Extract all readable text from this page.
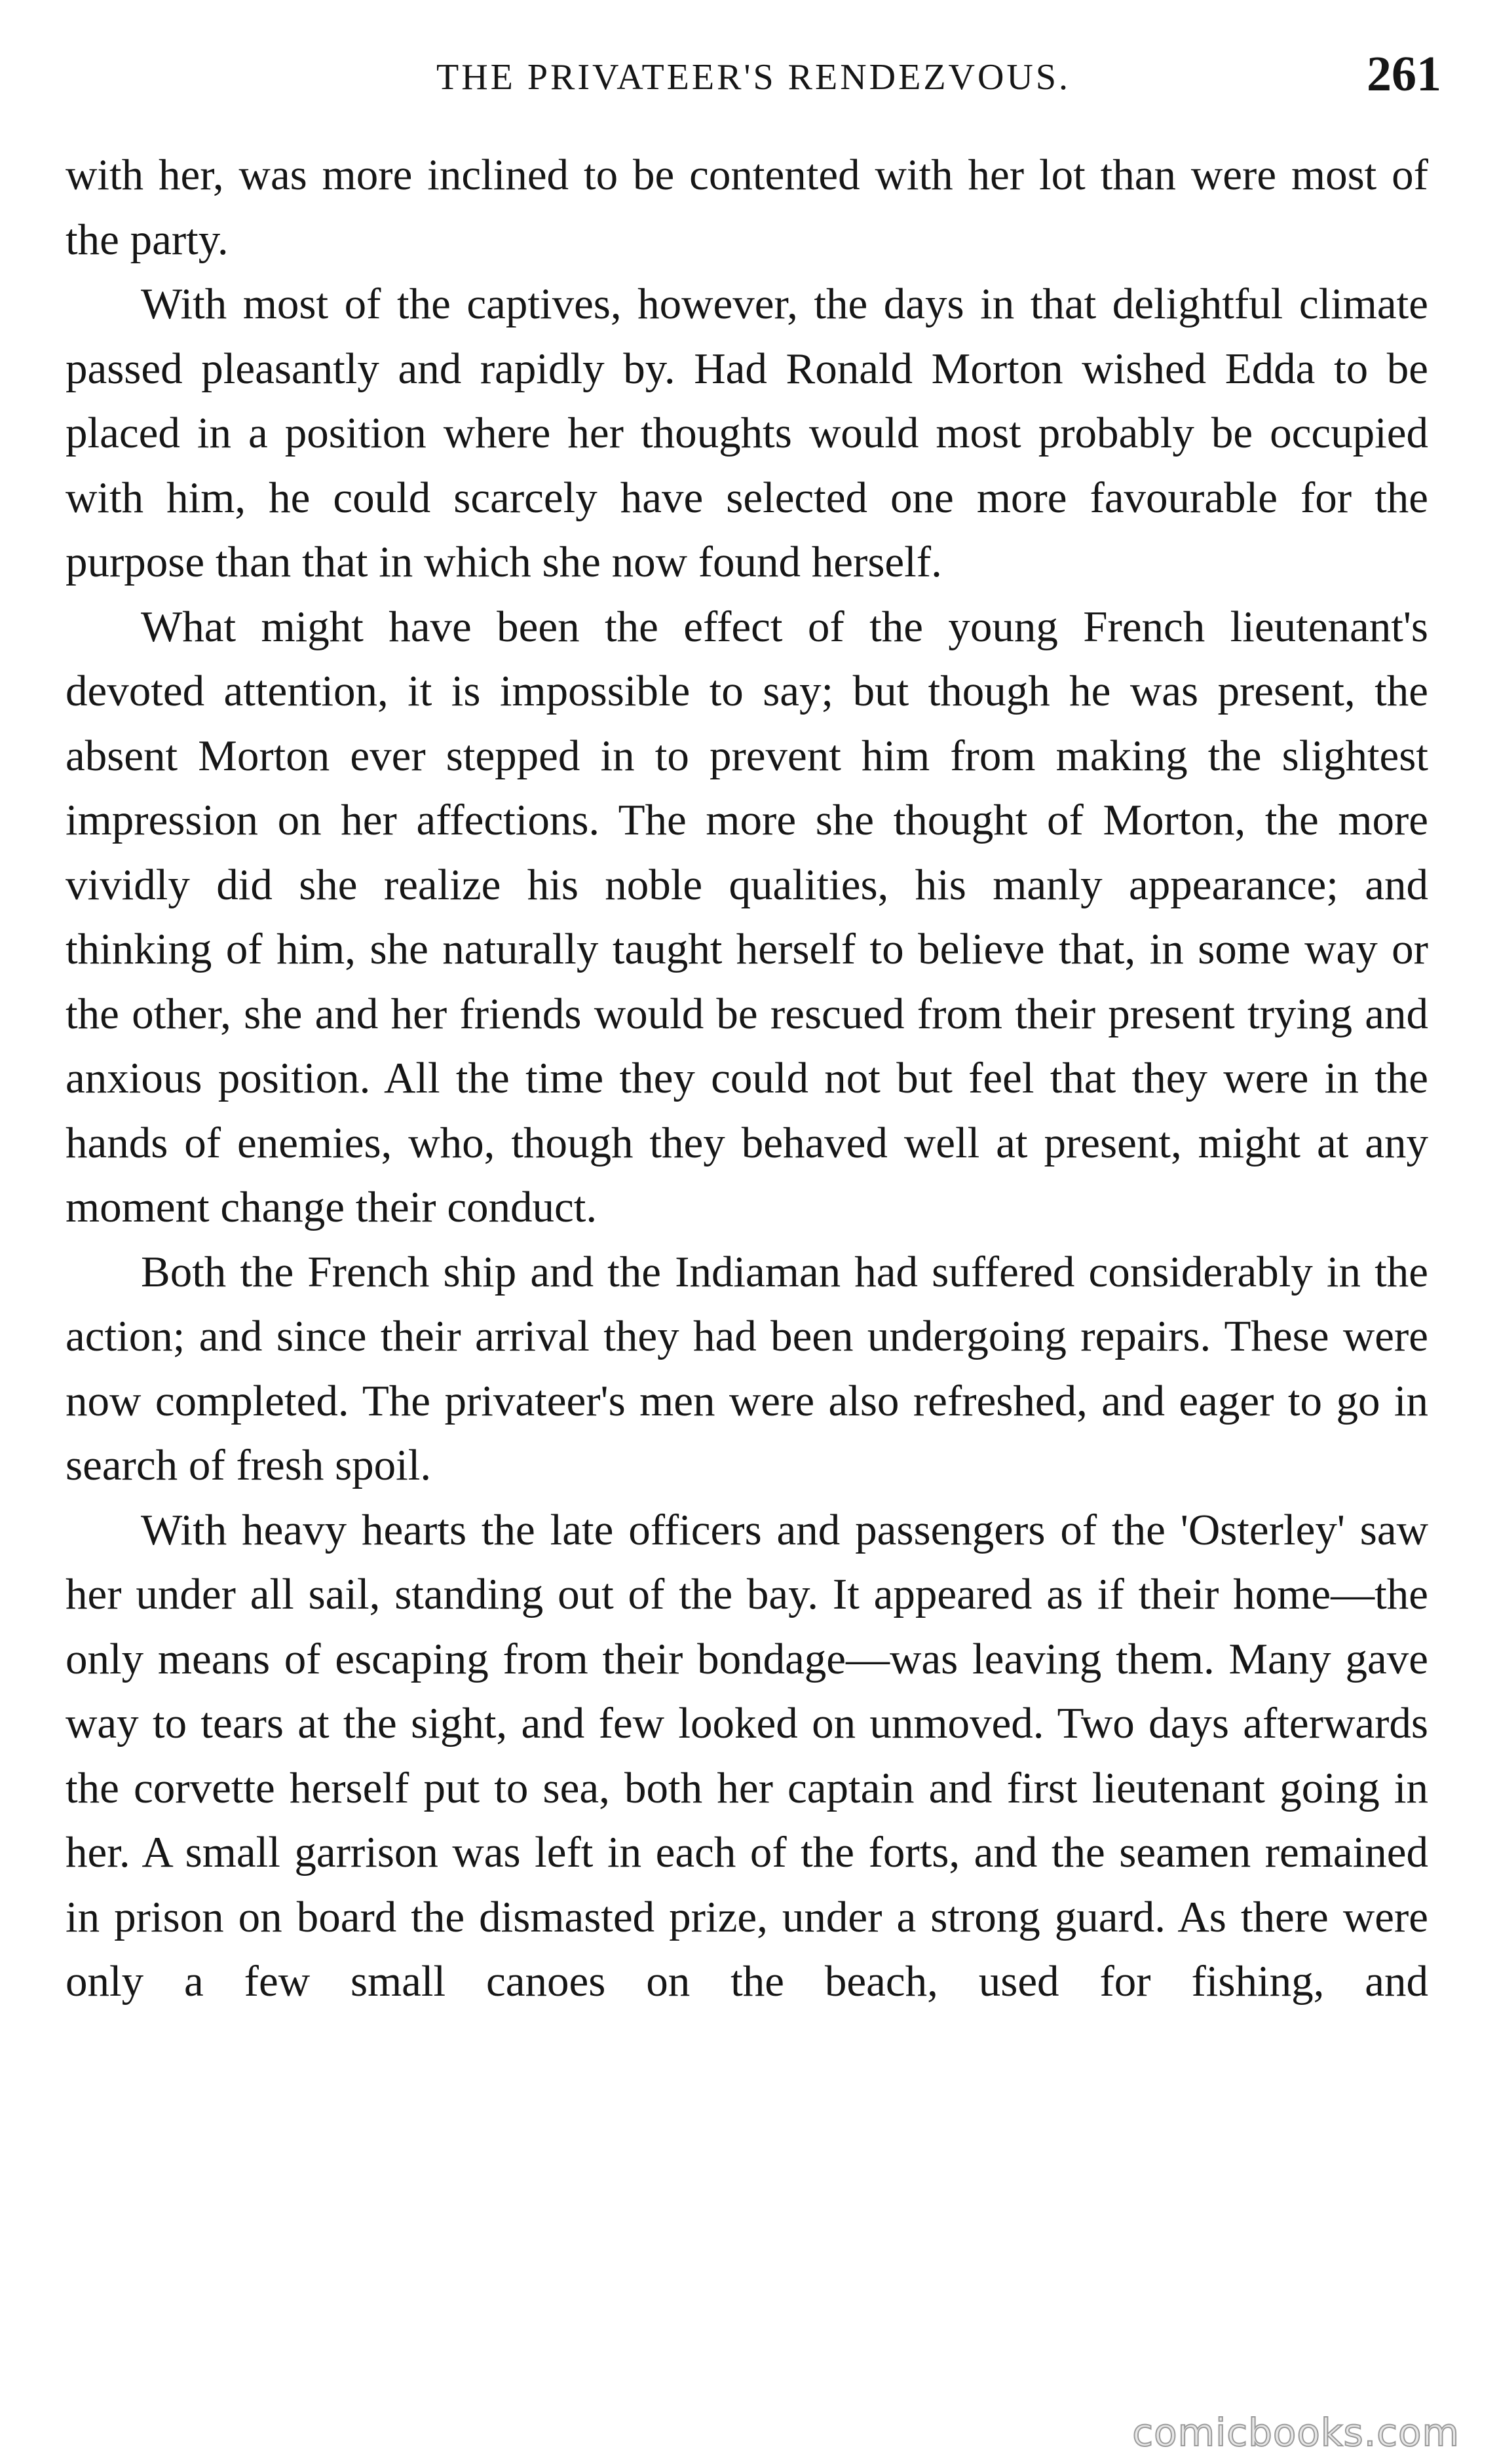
THE PRIVATEER'S RENDEZVOUS.	261

with her, was more inclined to be contented with her lot than were most of the party.

With most of the captives, however, the days in that delightful climate passed pleasantly and rapidly by. Had Ronald Morton wished Edda to be placed in a position where her thoughts would most probably be occupied with him, he could scarcely have selected one more favourable for the purpose than that in which she now found herself.

What might have been the effect of the young French lieutenant's devoted attention, it is impossible to say; but though he was present, the absent Morton ever stepped in to prevent him from making the slightest impression on her affections. The more she thought of Morton, the more vividly did she realize his noble qualities, his manly appearance; and thinking of him, she naturally taught herself to believe that, in some way or the other, she and her friends would be rescued from their present trying and anxious position. All the time they could not but feel that they were in the hands of enemies, who, though they behaved well at present, might at any moment change their conduct.

Both the French ship and the Indiaman had suffered considerably in the action; and since their arrival they had been undergoing repairs. These were now completed. The privateer's men were also refreshed, and eager to go in search of fresh spoil.

With heavy hearts the late officers and passengers of the 'Osterley' saw her under all sail, standing out of the bay. It appeared as if their home—the only means of escaping from their bondage—was leaving them. Many gave way to tears at the sight, and few looked on unmoved. Two days afterwards the corvette herself put to sea, both her captain and first lieutenant going in her. A small garrison was left in each of the forts, and the seamen remained in prison on board the dismasted prize, under a strong guard. As there were only a few small canoes on the beach, used for fishing, and

comicbooks.com
